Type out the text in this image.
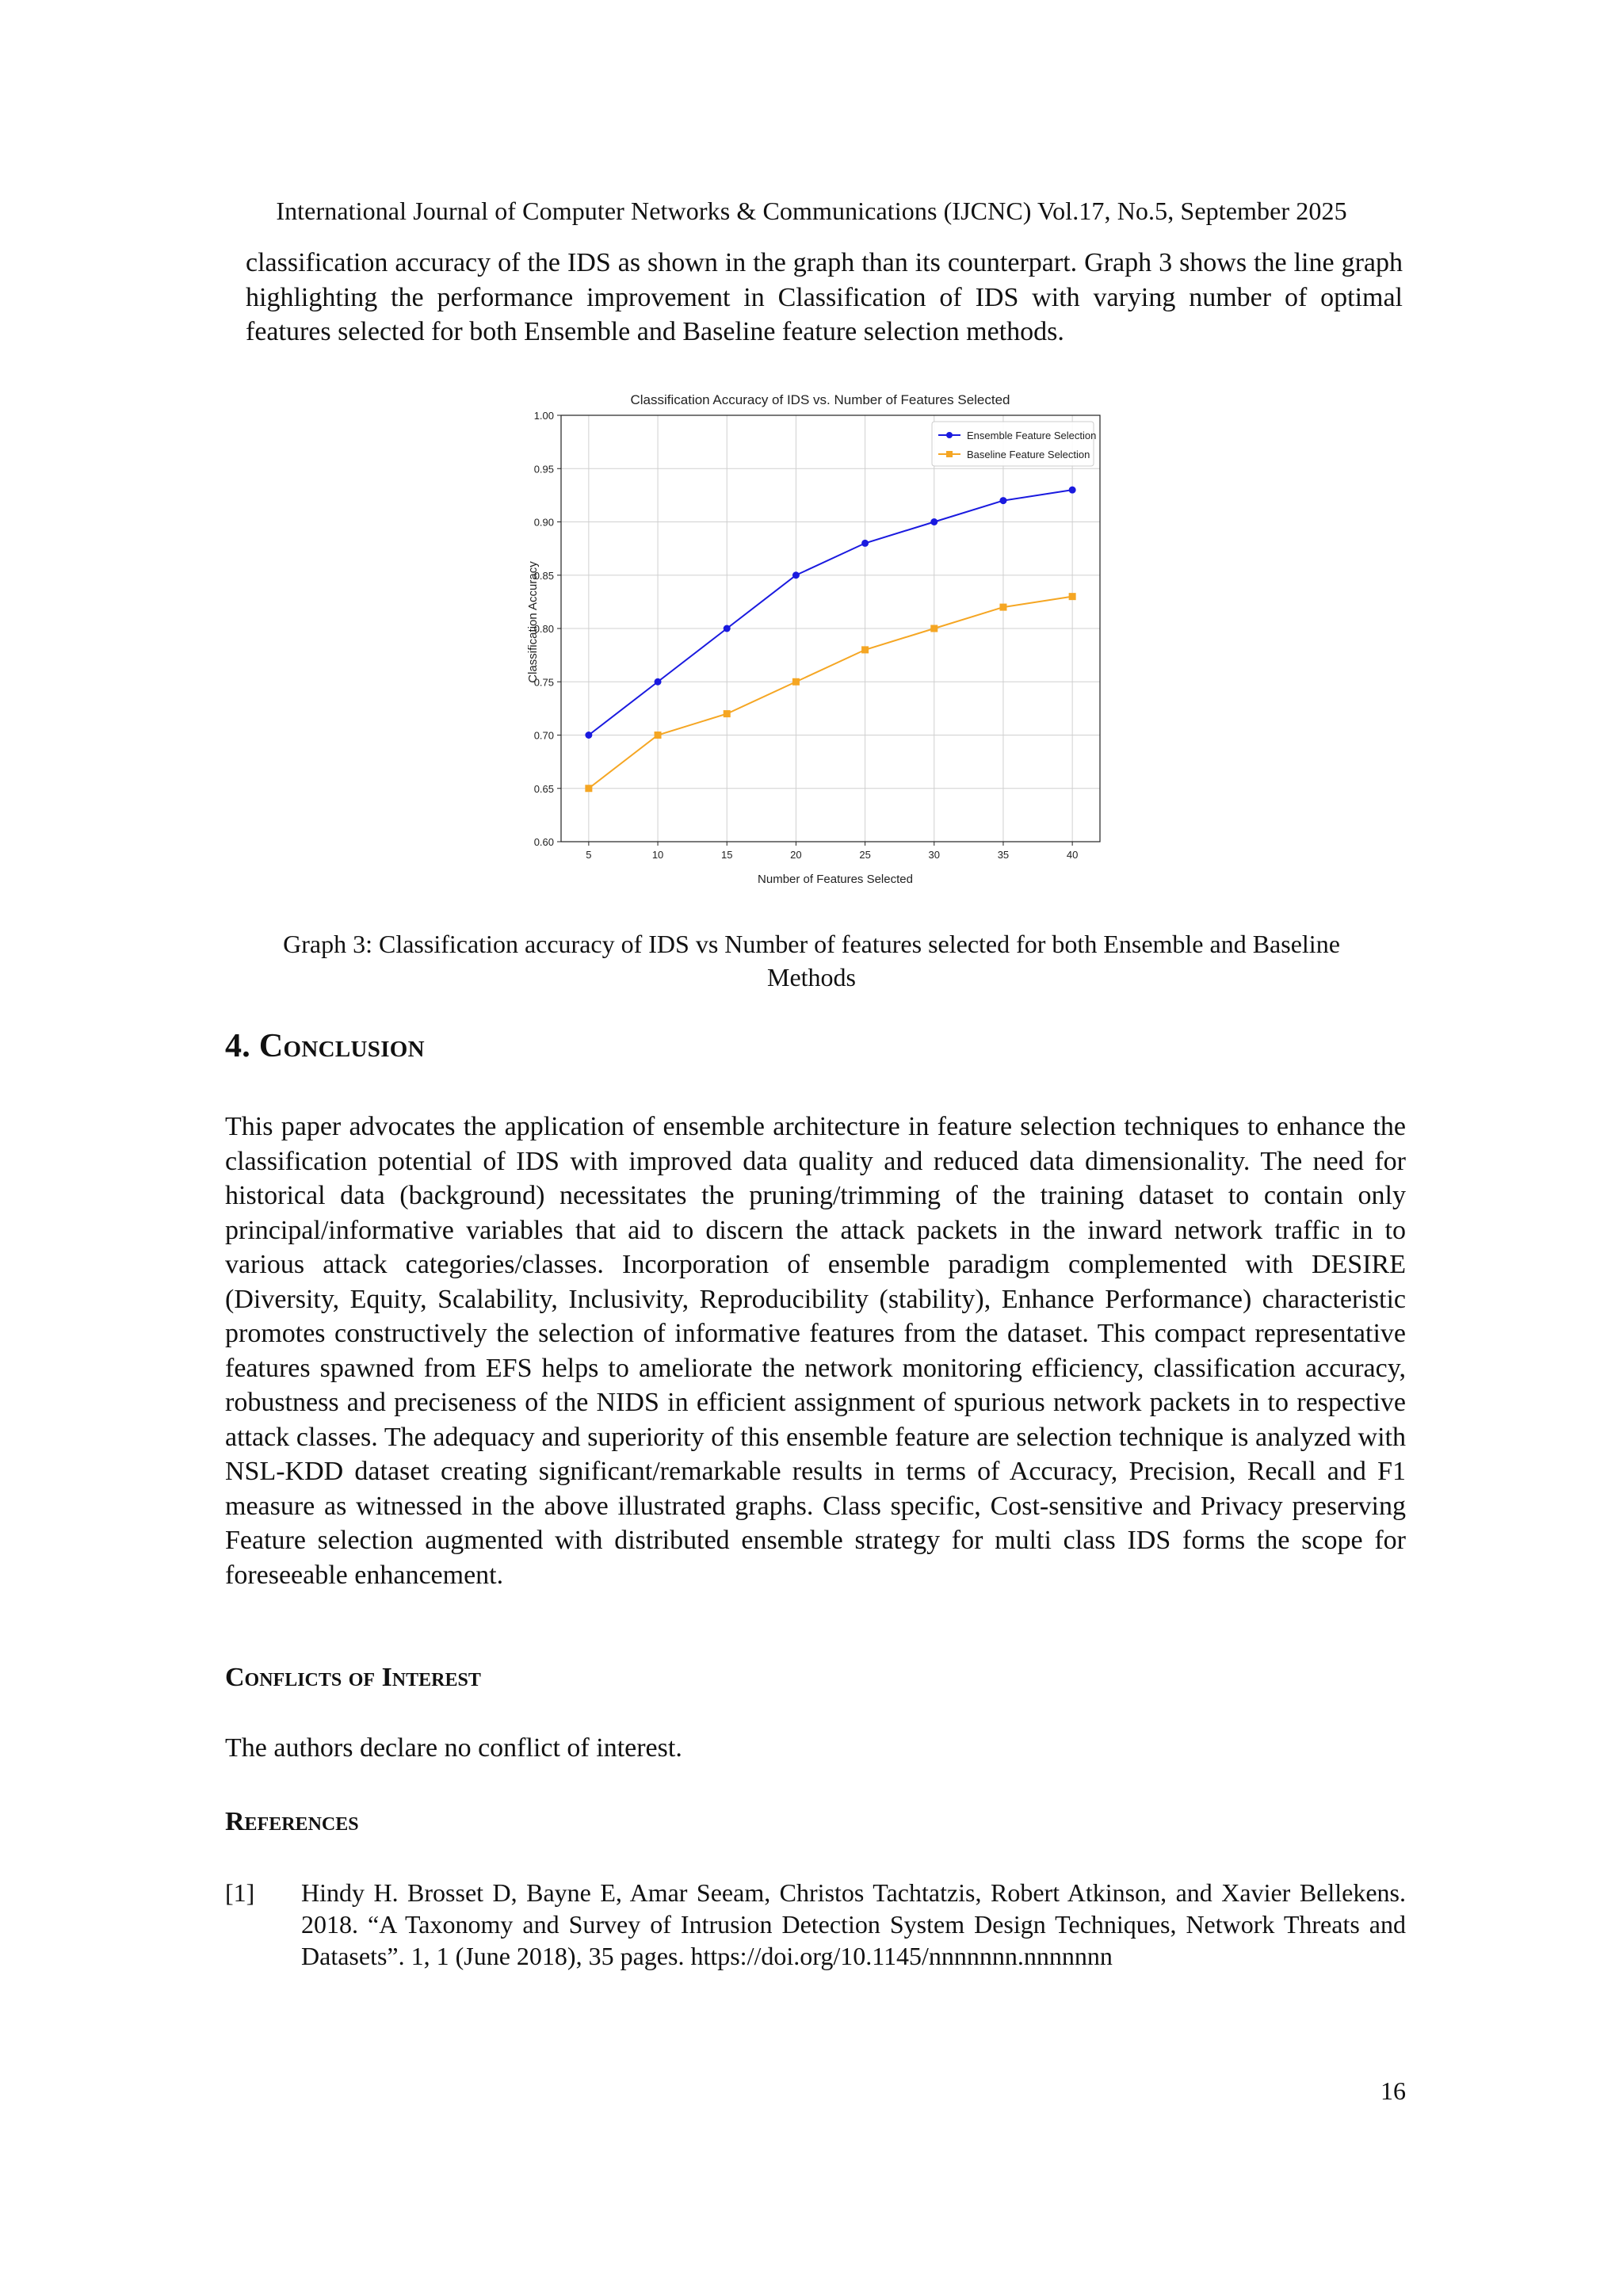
International Journal of Computer Networks & Communications (IJCNC) Vol.17, No.5, September 2025
classification accuracy of the IDS as shown in the graph than its counterpart. Graph 3 shows the line graph highlighting the performance improvement in Classification of IDS with varying number of optimal features selected for both Ensemble and Baseline feature selection methods.
Classification Accuracy of IDS vs. Number of Features Selected
Classification Accuracy
Number of Features Selected
0.60
0.65
0.70
0.75
0.80
0.85
0.90
0.95
1.00
5	10	15	20	25	30	35	40
Ensemble Feature Selection
Baseline Feature Selection
Graph 3: Classification accuracy of IDS vs Number of features selected for both Ensemble and Baseline Methods
4. Conclusion
This paper advocates the application of ensemble architecture in feature selection techniques to enhance the classification potential of IDS with improved data quality and reduced data dimensionality. The need for historical data (background) necessitates the pruning/trimming of the training dataset to contain only principal/informative variables that aid to discern the attack packets in the inward network traffic in to various attack categories/classes. Incorporation of ensemble paradigm complemented with DESIRE (Diversity, Equity, Scalability, Inclusivity, Reproducibility (stability), Enhance Performance) characteristic promotes constructively the selection of informative features from the dataset. This compact representative features spawned from EFS helps to ameliorate the network monitoring efficiency, classification accuracy, robustness and preciseness of the NIDS in efficient assignment of spurious network packets in to respective attack classes. The adequacy and superiority of this ensemble feature are selection technique is analyzed with NSL-KDD dataset creating significant/remarkable results in terms of Accuracy, Precision, Recall and F1 measure as witnessed in the above illustrated graphs. Class specific, Cost-sensitive and Privacy preserving Feature selection augmented with distributed ensemble strategy for multi class IDS forms the scope for foreseeable enhancement.
Conflicts of Interest
The authors declare no conflict of interest.
References
[1] Hindy H. Brosset D, Bayne E, Amar Seeam, Christos Tachtatzis, Robert Atkinson, and Xavier Bellekens. 2018. “A Taxonomy and Survey of Intrusion Detection System Design Techniques, Network Threats and Datasets”. 1, 1 (June 2018), 35 pages. https://doi.org/10.1145/nnnnnnn.nnnnnnn
16
